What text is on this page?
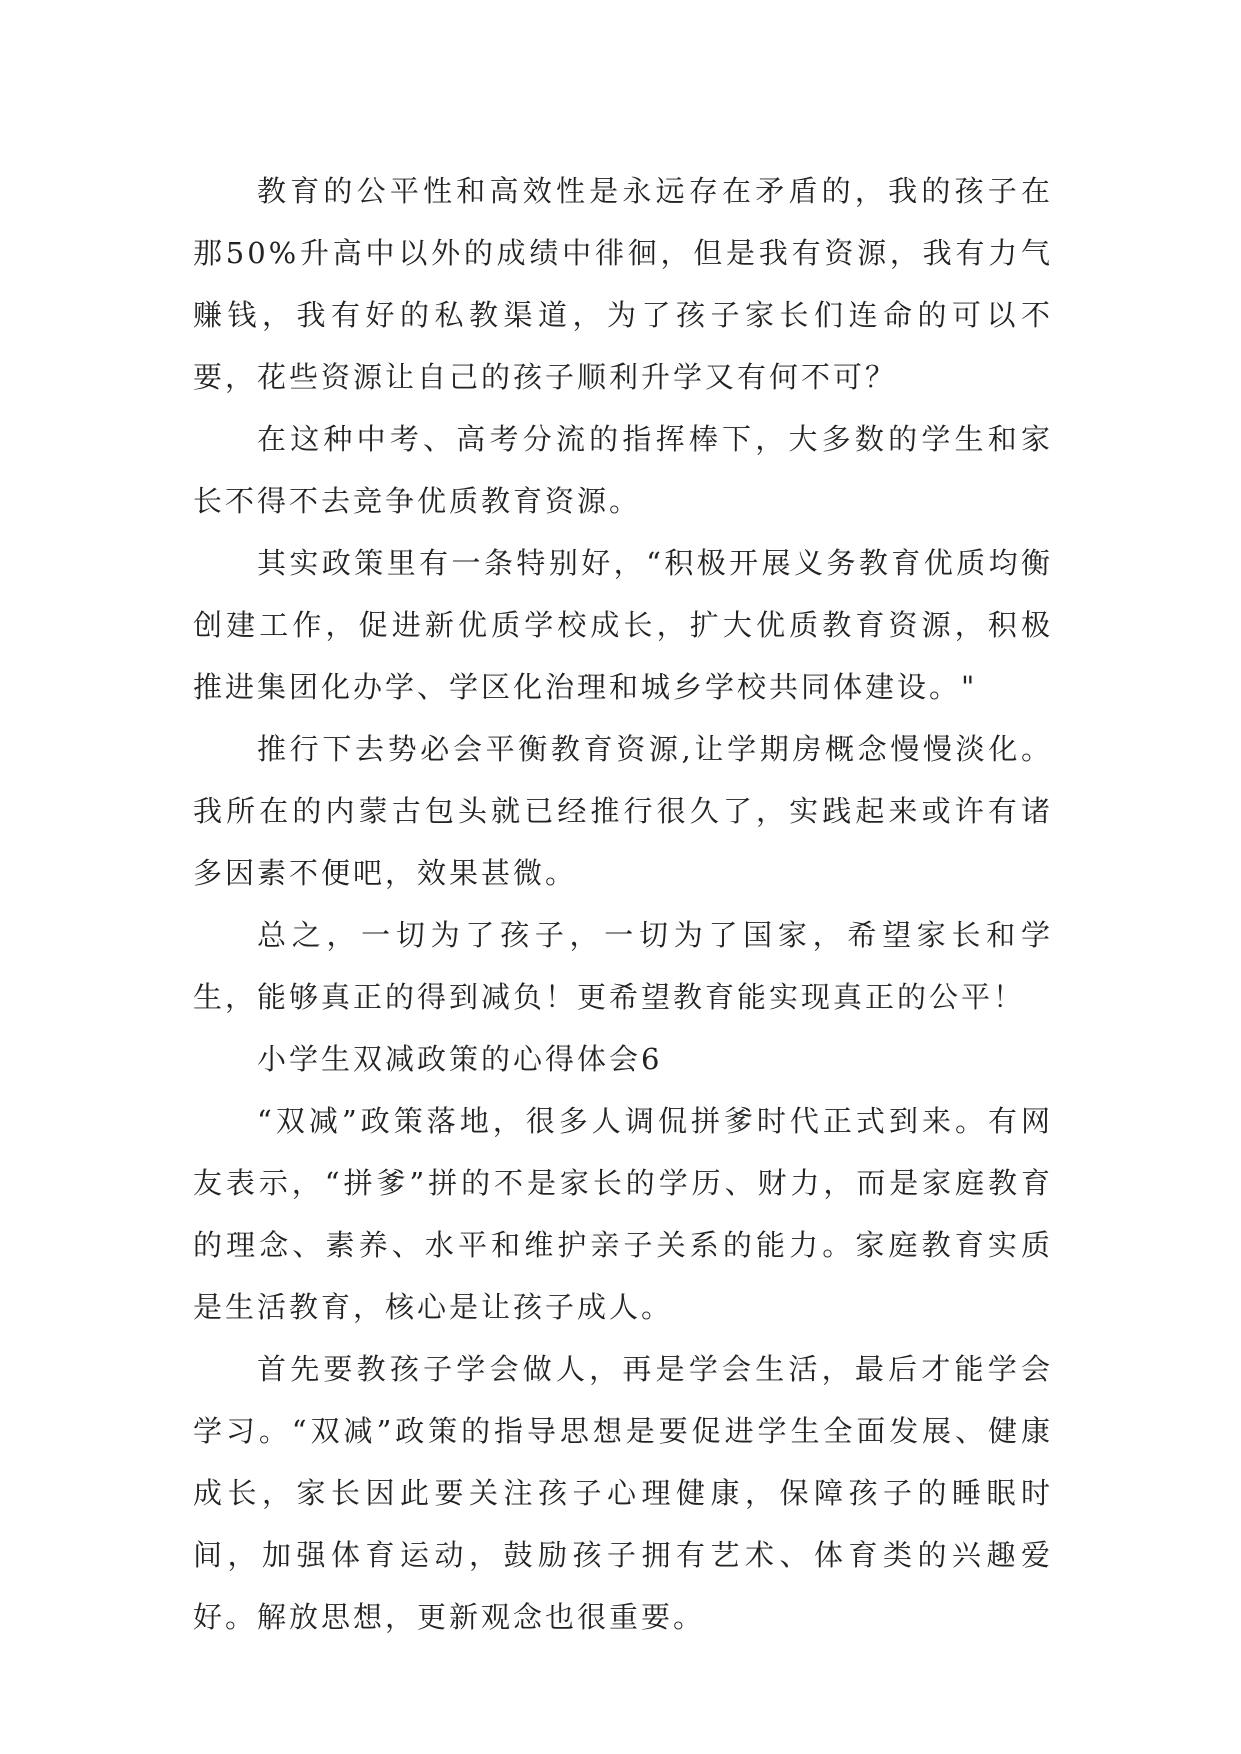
教育的公平性和高效性是永远存在矛盾的，我的孩子在那50%升高中以外的成绩中徘徊，但是我有资源，我有力气赚钱，我有好的私教渠道，为了孩子家长们连命的可以不要，花些资源让自己的孩子顺利升学又有何不可？

在这种中考、高考分流的指挥棒下，大多数的学生和家长不得不去竞争优质教育资源。

其实政策里有一条特别好，“积极开展义务教育优质均衡创建工作，促进新优质学校成长，扩大优质教育资源，积极推进集团化办学、学区化治理和城乡学校共同体建设。"

推行下去势必会平衡教育资源,让学期房概念慢慢淡化。我所在的内蒙古包头就已经推行很久了，实践起来或许有诸多因素不便吧，效果甚微。

总之，一切为了孩子，一切为了国家，希望家长和学生，能够真正的得到减负！更希望教育能实现真正的公平！

小学生双减政策的心得体会6

“双减”政策落地，很多人调侃拼爹时代正式到来。有网友表示，“拼爹”拼的不是家长的学历、财力，而是家庭教育的理念、素养、水平和维护亲子关系的能力。家庭教育实质是生活教育，核心是让孩子成人。

首先要教孩子学会做人，再是学会生活，最后才能学会学习。“双减”政策的指导思想是要促进学生全面发展、健康成长，家长因此要关注孩子心理健康，保障孩子的睡眠时间，加强体育运动，鼓励孩子拥有艺术、体育类的兴趣爱好。解放思想，更新观念也很重要。
